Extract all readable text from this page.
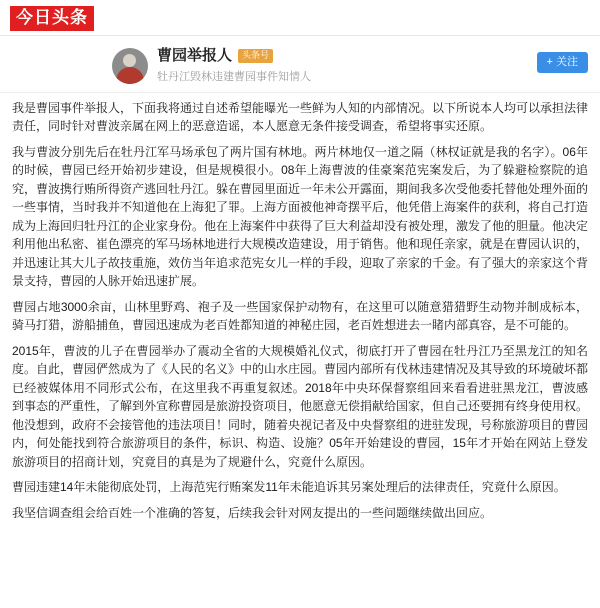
今日头条
曹园举报人	头条号
牡丹江毁林违建曹园事件知情人
+ 关注

我是曹园事件举报人，下面我将通过自述希望能曝光一些鲜为人知的内部情况。以下所说本人均可以承担法律责任，同时针对曹波亲属在网上的恶意造谣，本人愿意无条件接受调查，希望将事实还原。

我与曹波分别先后在牡丹江军马场承包了两片国有林地。两片林地仅一道之隔（林权证就是我的名字）。06年的时候，曹园已经开始初步建设，但是规模很小。08年上海曹波的佳豪案范宪案发后，为了躲避检察院的追究，曹波携行贿所得资产逃回牡丹江。躲在曹园里面近一年未公开露面，期间我多次受他委托替他处理外面的一些事情，当时我并不知道他在上海犯了罪。上海方面被他神奇摆平后，他凭借上海案件的获利，将自己打造成为上海回归牡丹江的企业家身份。他在上海案件中获得了巨大利益却没有被处理，激发了他的胆量。他决定利用他出私密、崔色漂亮的军马场林地进行大规模改造建设，用于销售。他和现任亲家，就是在曹园认识的，并迅速让其大儿子故技重施，效仿当年追求范宪女儿一样的手段，迎取了亲家的千金。有了强大的亲家这个背景支持，曹园的人脉开始迅速扩展。

曹园占地3000余亩，山林里野鸡、袍子及一些国家保护动物有，在这里可以随意猎猎野生动物并制成标本，骑马打猎，游船捕鱼，曹园迅速成为老百姓都知道的神秘庄园，老百姓想进去一睹内部真容，是不可能的。

2015年，曹波的儿子在曹园举办了震动全省的大规模婚礼仪式，彻底打开了曹园在牡丹江乃至黑龙江的知名度。自此，曹园俨然成为了《人民的名义》中的山水庄园。曹园内部所有伐林违建情况及其导致的环境破坏都已经被媒体用不同形式公布，在这里我不再重复叙述。2018年中央环保督察组回来看看进驻黑龙江，曹波感到事态的严重性，了解到外宣称曹园是旅游投资项目，他愿意无偿捐献给国家，但自己还要拥有终身使用权。他没想到，政府不会接管他的违法项目！同时，随着央视记者及中央督察组的进驻发现，号称旅游项目的曹园内，何处能找到符合旅游项目的条件，标识、构造、设施？05年开始建设的曹园，15年才开始在网站上登发旅游项目的招商计划，究竟目的真是为了规避什么，究竟什么原因。

曹园违建14年未能彻底处罚，上海范宪行贿案发11年未能追诉其另案处理后的法律责任，究竟什么原因。

我坚信调查组会给百姓一个准确的答复，后续我会针对网友提出的一些问题继续做出回应。
